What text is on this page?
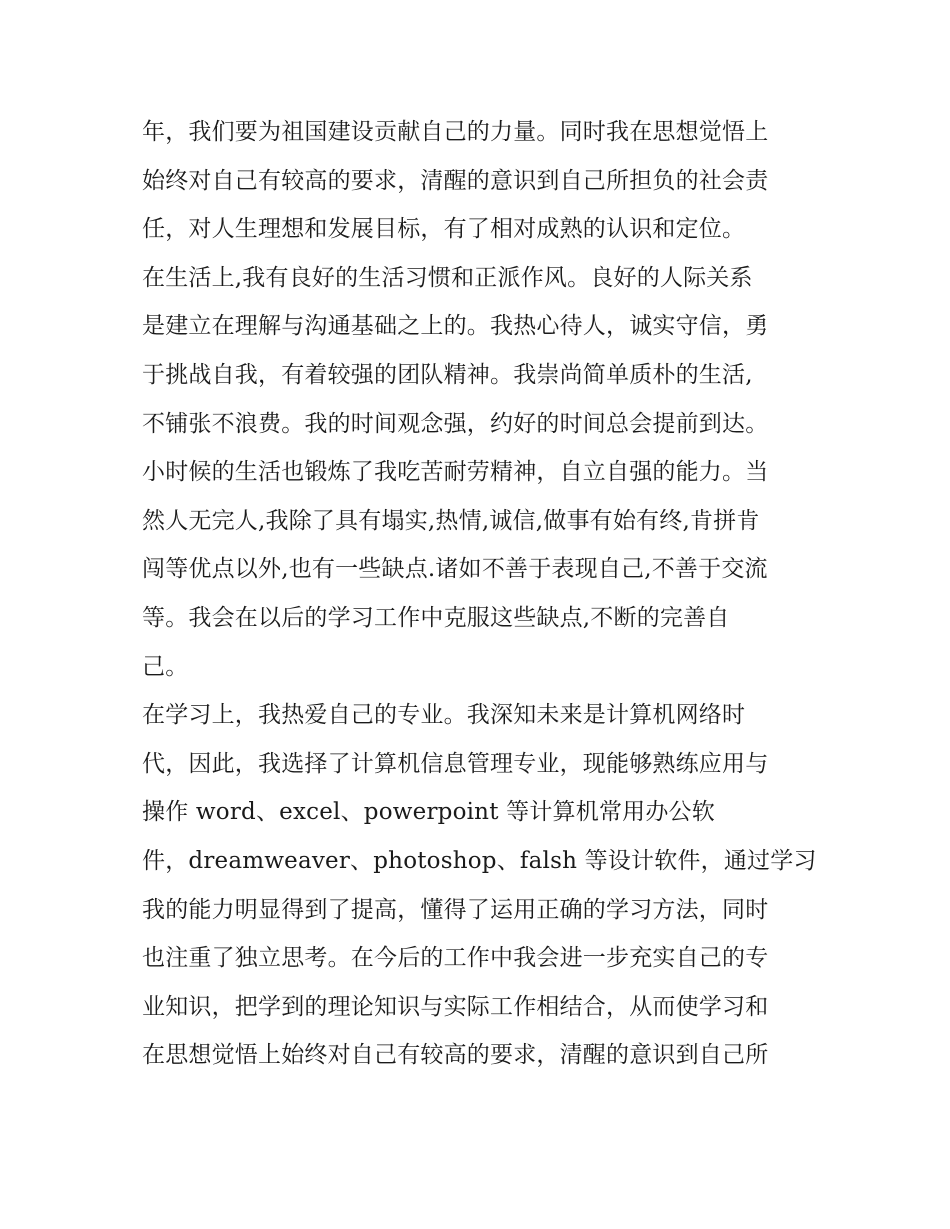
年，我们要为祖国建设贡献自己的力量。同时我在思想觉悟上
始终对自己有较高的要求，清醒的意识到自己所担负的社会责
任，对人生理想和发展目标，有了相对成熟的认识和定位。
在生活上,我有良好的生活习惯和正派作风。良好的人际关系
是建立在理解与沟通基础之上的。我热心待人，诚实守信，勇
于挑战自我，有着较强的团队精神。我崇尚简单质朴的生活,
不铺张不浪费。我的时间观念强，约好的时间总会提前到达。
小时候的生活也锻炼了我吃苦耐劳精神，自立自强的能力。当
然人无完人,我除了具有塌实,热情,诚信,做事有始有终,肯拼肯
闯等优点以外,也有一些缺点.诸如不善于表现自己,不善于交流
等。我会在以后的学习工作中克服这些缺点,不断的完善自
己。
在学习上，我热爱自己的专业。我深知未来是计算机网络时
代，因此，我选择了计算机信息管理专业，现能够熟练应用与
操作 word、excel、powerpoint 等计算机常用办公软
件，dreamweaver、photoshop、falsh 等设计软件，通过学习
我的能力明显得到了提高，懂得了运用正确的学习方法，同时
也注重了独立思考。在今后的工作中我会进一步充实自己的专
业知识，把学到的理论知识与实际工作相结合，从而使学习和
在思想觉悟上始终对自己有较高的要求，清醒的意识到自己所
